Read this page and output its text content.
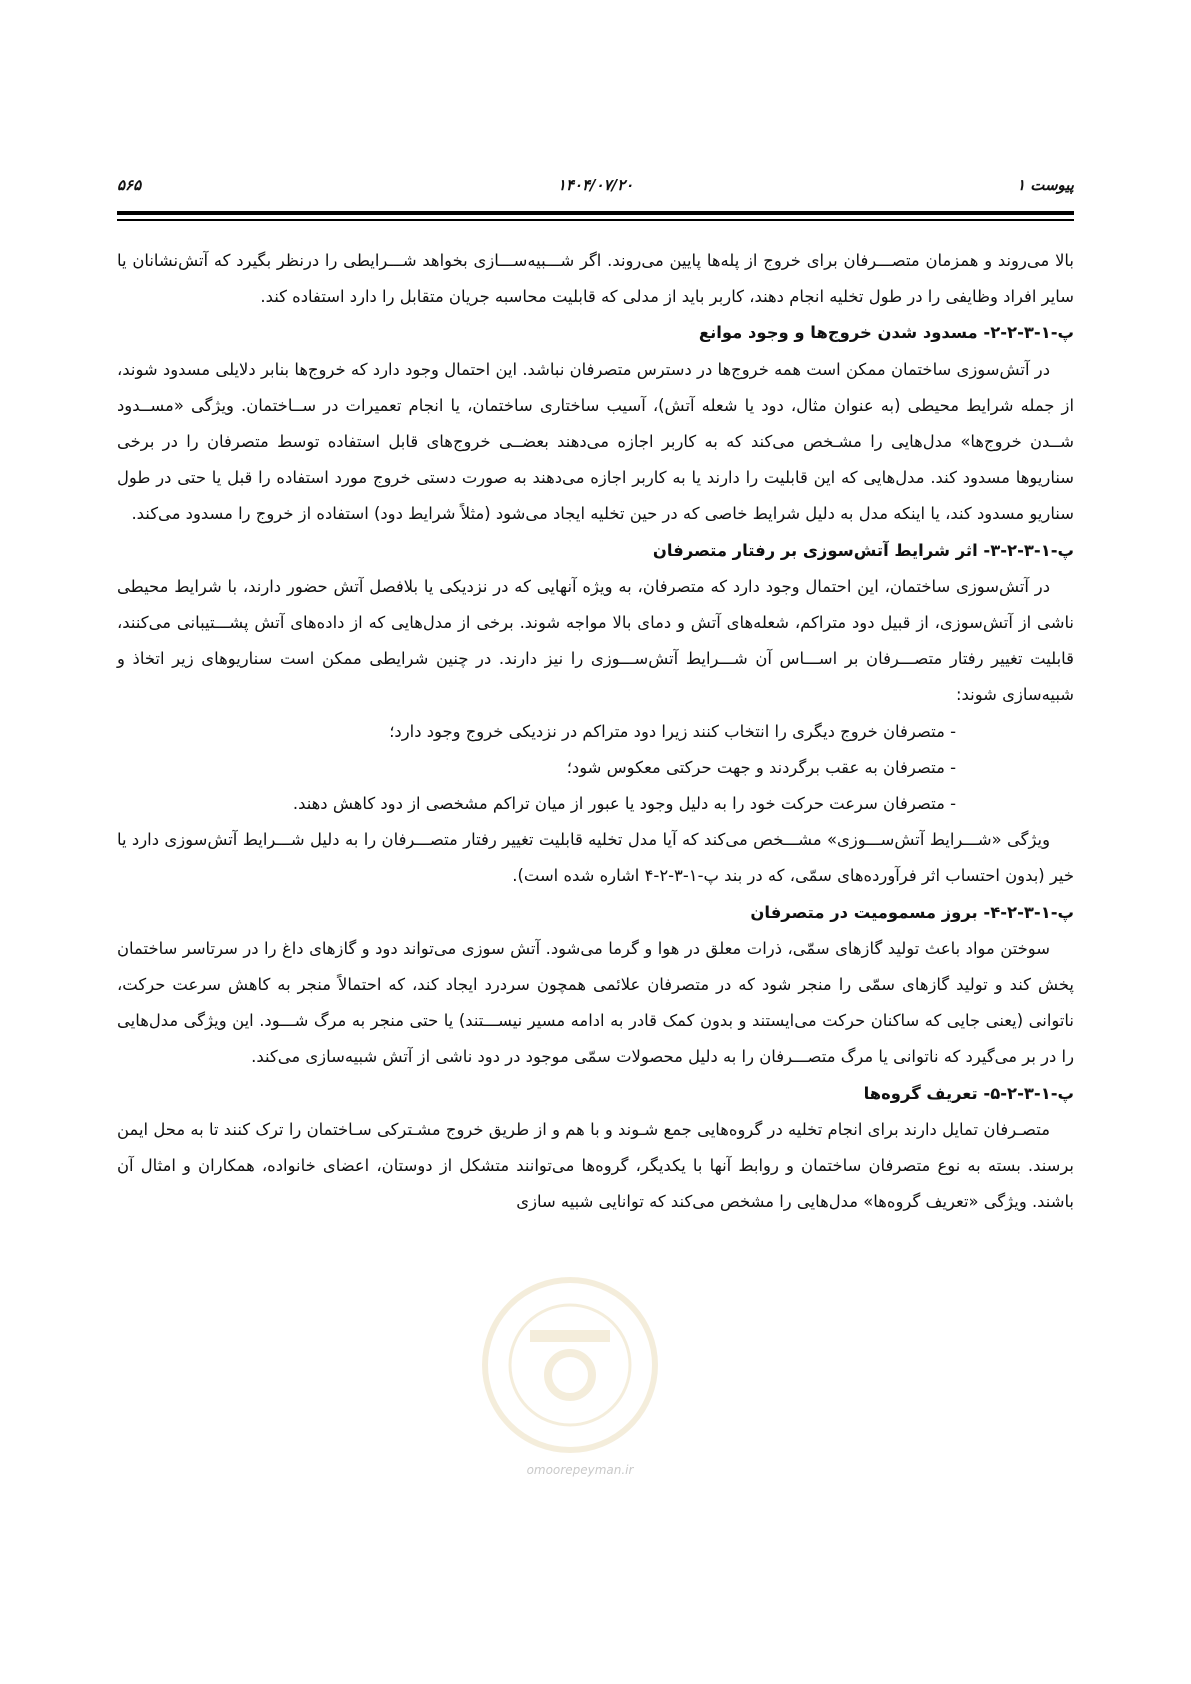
پیوست ۱
۱۴۰۴/۰۷/۲۰
۵۶۵

بالا می‌روند و همزمان متصـــرفان برای خروج از پله‌ها پایین می‌روند. اگر شـــبیه‌ســـازی بخواهد شـــرایطی را درنظر بگیرد که آتش‌نشانان یا سایر افراد وظایفی را در طول تخلیه انجام دهند، کاربر باید از مدلی که قابلیت محاسبه جریان متقابل را دارد استفاده کند.

پ-۱-۳-۲-۲- مسدود شدن خروج‌ها و وجود موانع

در آتش‌سوزی ساختمان ممکن است همه خروج‌ها در دسترس متصرفان نباشد. این احتمال وجود دارد که خروج‌ها بنابر دلایلی مسدود شوند، از جمله شرایط محیطی (به عنوان مثال، دود یا شعله آتش)، آسیب ساختاری ساختمان، یا انجام تعمیرات در ســاختمان. ویژگی «مســدود شــدن خروج‌ها» مدل‌هایی را مشـخص می‌کند که به کاربر اجازه می‌دهند بعضــی خروج‌های قابل استفاده توسط متصرفان را در برخی سناریوها مسدود کند. مدل‌هایی که این قابلیت را دارند یا به کاربر اجازه می‌دهند به صورت دستی خروج مورد استفاده را قبل یا حتی در طول سناریو مسدود کند، یا اینکه مدل به دلیل شرایط خاصی که در حین تخلیه ایجاد می‌شود (مثلاً شرایط دود) استفاده از خروج را مسدود می‌کند.

پ-۱-۳-۲-۳- اثر شرایط آتش‌سوزی بر رفتار متصرفان

در آتش‌سوزی ساختمان، این احتمال وجود دارد که متصرفان، به ویژه آنهایی که در نزدیکی یا بلافصل آتش حضور دارند، با شرایط محیطی ناشی از آتش‌سوزی، از قبیل دود متراکم، شعله‌های آتش و دمای بالا مواجه شوند. برخی از مدل‌هایی که از داده‌های آتش پشـــتیبانی می‌کنند، قابلیت تغییر رفتار متصـــرفان بر اســـاس آن شـــرایط آتش‌ســـوزی را نیز دارند. در چنین شرایطی ممکن است سناریوهای زیر اتخاذ و شبیه‌سازی شوند:

- متصرفان خروج دیگری را انتخاب کنند زیرا دود متراکم در نزدیکی خروج وجود دارد؛
- متصرفان به عقب برگردند و جهت حرکتی معکوس شود؛
- متصرفان سرعت حرکت خود را به دلیل وجود یا عبور از میان تراکم مشخصی از دود کاهش دهند.

ویژگی «شـــرایط آتش‌ســـوزی» مشـــخص می‌کند که آیا مدل تخلیه قابلیت تغییر رفتار متصـــرفان را به دلیل شـــرایط آتش‌سوزی دارد یا خیر (بدون احتساب اثر فرآورده‌های سمّی، که در بند پ-۱-۳-۲-۴ اشاره شده است).

پ-۱-۳-۲-۴- بروز مسمومیت در متصرفان

سوختن مواد باعث تولید گازهای سمّی، ذرات معلق در هوا و گرما می‌شود. آتش سوزی می‌تواند دود و گازهای داغ را در سرتاسر ساختمان پخش کند و تولید گازهای سمّی را منجر شود که در متصرفان علائمی همچون سردرد ایجاد کند، که احتمالاً منجر به کاهش سرعت حرکت، ناتوانی (یعنی جایی که ساکنان حرکت می‌ایستند و بدون کمک قادر به ادامه مسیر نیســـتند) یا حتی منجر به مرگ شـــود. این ویژگی مدل‌هایی را در بر می‌گیرد که ناتوانی یا مرگ متصـــرفان را به دلیل محصولات سمّی موجود در دود ناشی از آتش شبیه‌سازی می‌کند.

پ-۱-۳-۲-۵- تعریف گروه‌ها

متصـرفان تمایل دارند برای انجام تخلیه در گروه‌هایی جمع شـوند و با هم و از طریق خروج مشـترکی سـاختمان را ترک کنند تا به محل ایمن برسند. بسته به نوع متصرفان ساختمان و روابط آنها با یکدیگر، گروه‌ها می‌توانند متشکل از دوستان، اعضای خانواده، همکاران و امثال آن باشند. ویژگی «تعریف گروه‌ها» مدل‌هایی را مشخص می‌کند که توانایی شبیه سازی

omoorepeyman.ir
